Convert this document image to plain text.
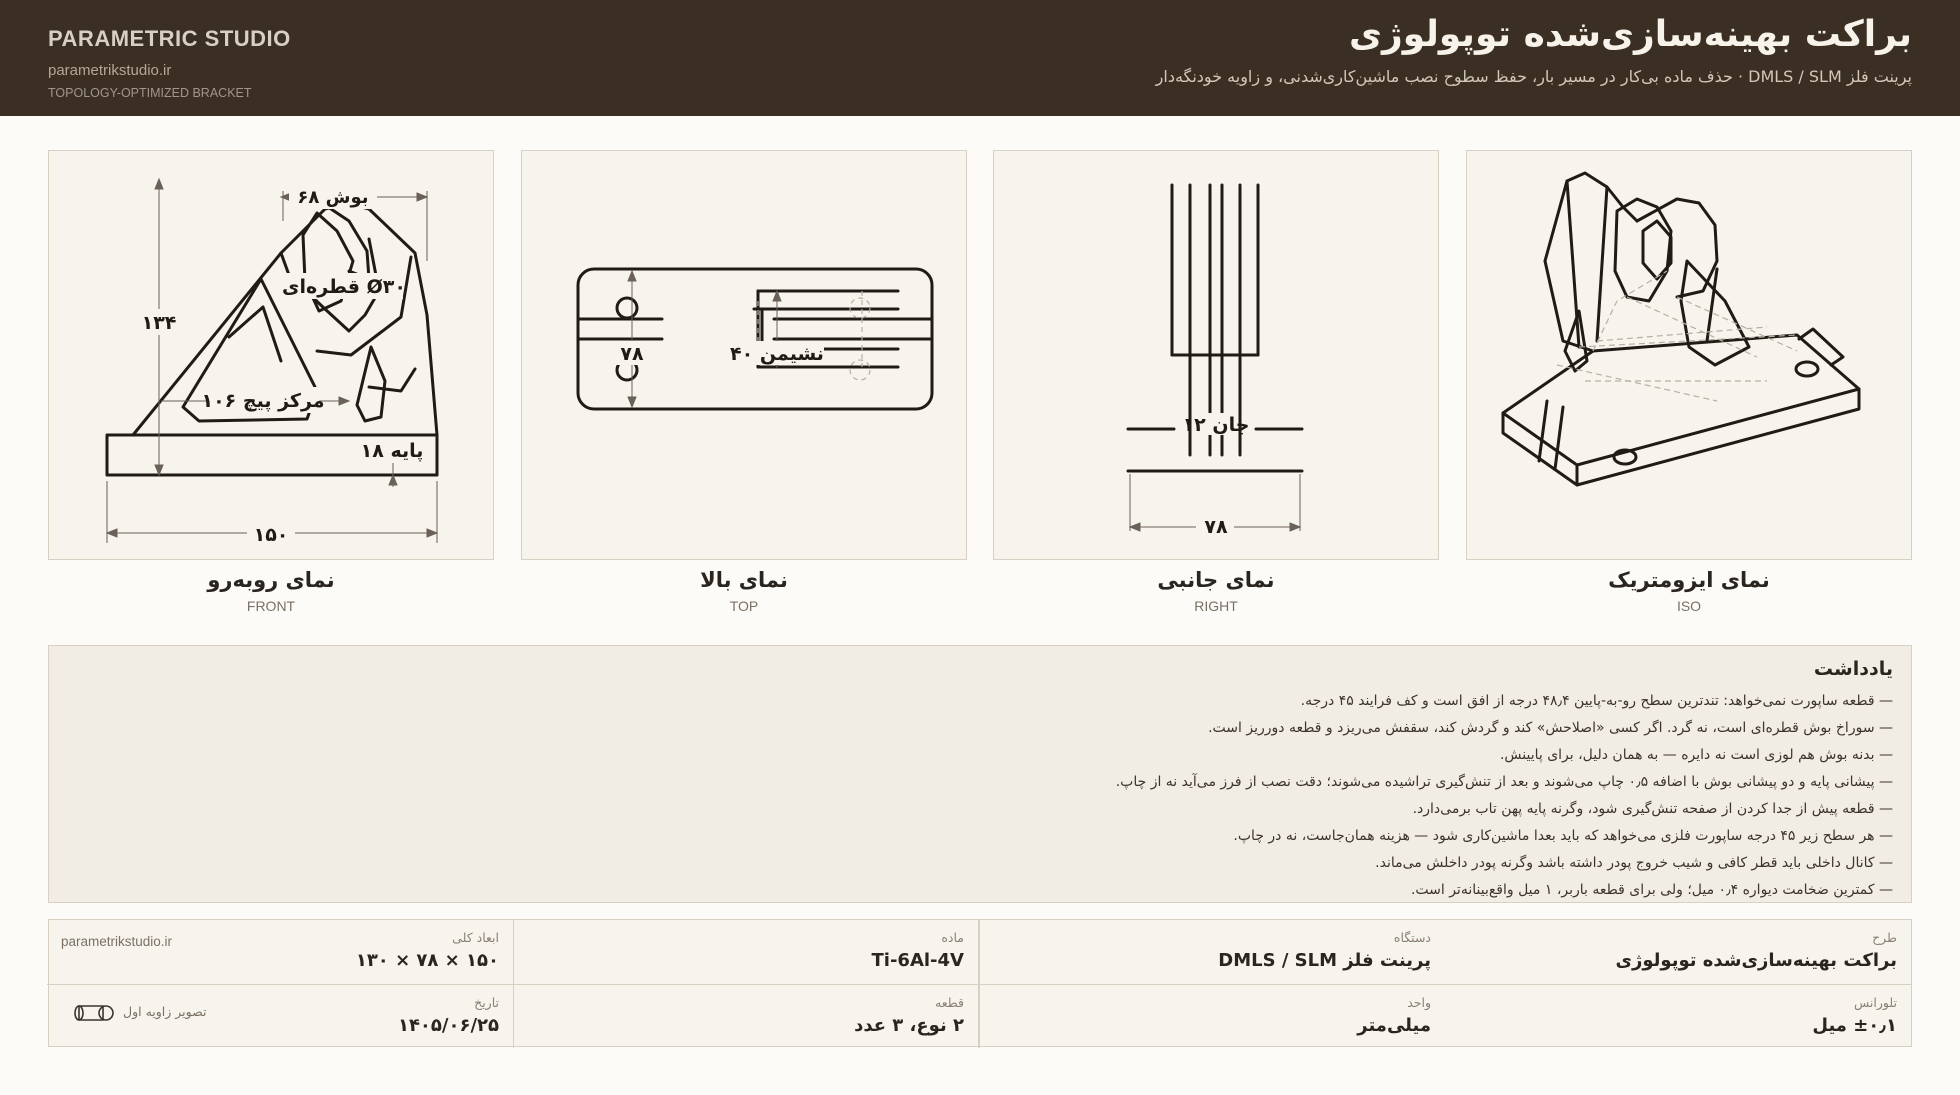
براکت بهینه‌سازی‌شده توپولوژی
پرینت فلز DMLS / SLM · حذف ماده بی‌کار در مسیر بار، حفظ سطوح نصب ماشین‌کاری‌شدنی، و زاویه خودنگه‌دار
PARAMETRIC STUDIO
parametrikstudio.ir
TOPOLOGY-OPTIMIZED BRACKET
نمای ایزومتریک
ISO
جان ۱۲
۷۸
نمای جانبی
RIGHT
۷۸	نشیمن ۴۰
نمای بالا
TOP
۱۳۴
مرکز پیچ ۱۰۶
بوش ۶۸
Ø۳۰ قطره‌ای
پایه ۱۸
۱۵۰
نمای روبه‌رو
FRONT
یادداشت
— قطعه ساپورت نمی‌خواهد: تندترین سطح رو-به-پایین ۴۸٫۴ درجه از افق است و کف فرایند ۴۵ درجه.
— سوراخ بوش قطره‌ای است، نه گرد. اگر کسی «اصلاحش» کند و گردش کند، سقفش می‌ریزد و قطعه دورریز است.
— بدنه بوش هم لوزی است نه دایره — به همان دلیل، برای پایینش.
— پیشانی پایه و دو پیشانی بوش با اضافه ۰٫۵ چاپ می‌شوند و بعد از تنش‌گیری تراشیده می‌شوند؛ دقت نصب از فرز می‌آید نه از چاپ.
— قطعه پیش از جدا کردن از صفحه تنش‌گیری شود، وگرنه پایه پهن تاب برمی‌دارد.
— هر سطح زیر ۴۵ درجه ساپورت فلزی می‌خواهد که باید بعدا ماشین‌کاری شود — هزینه همان‌جاست، نه در چاپ.
— کانال داخلی باید قطر کافی و شیب خروج پودر داشته باشد وگرنه پودر داخلش می‌ماند.
— کمترین ضخامت دیواره ۰٫۴ میل؛ ولی برای قطعه باربر، ۱ میل واقع‌بینانه‌تر است.
طرح
براکت بهینه‌سازی‌شده توپولوژی
دستگاه
پرینت فلز DMLS / SLM
ماده
Ti-6Al-4V
ابعاد کلی
۱۵۰ × ۷۸ × ۱۳۰
parametrikstudio.ir
تلورانس
±۰٫۱ میل
واحد
میلی‌متر
قطعه
۲ نوع، ۳ عدد
تاریخ
۱۴۰۵/۰۶/۲۵
تصویر زاویه اول
